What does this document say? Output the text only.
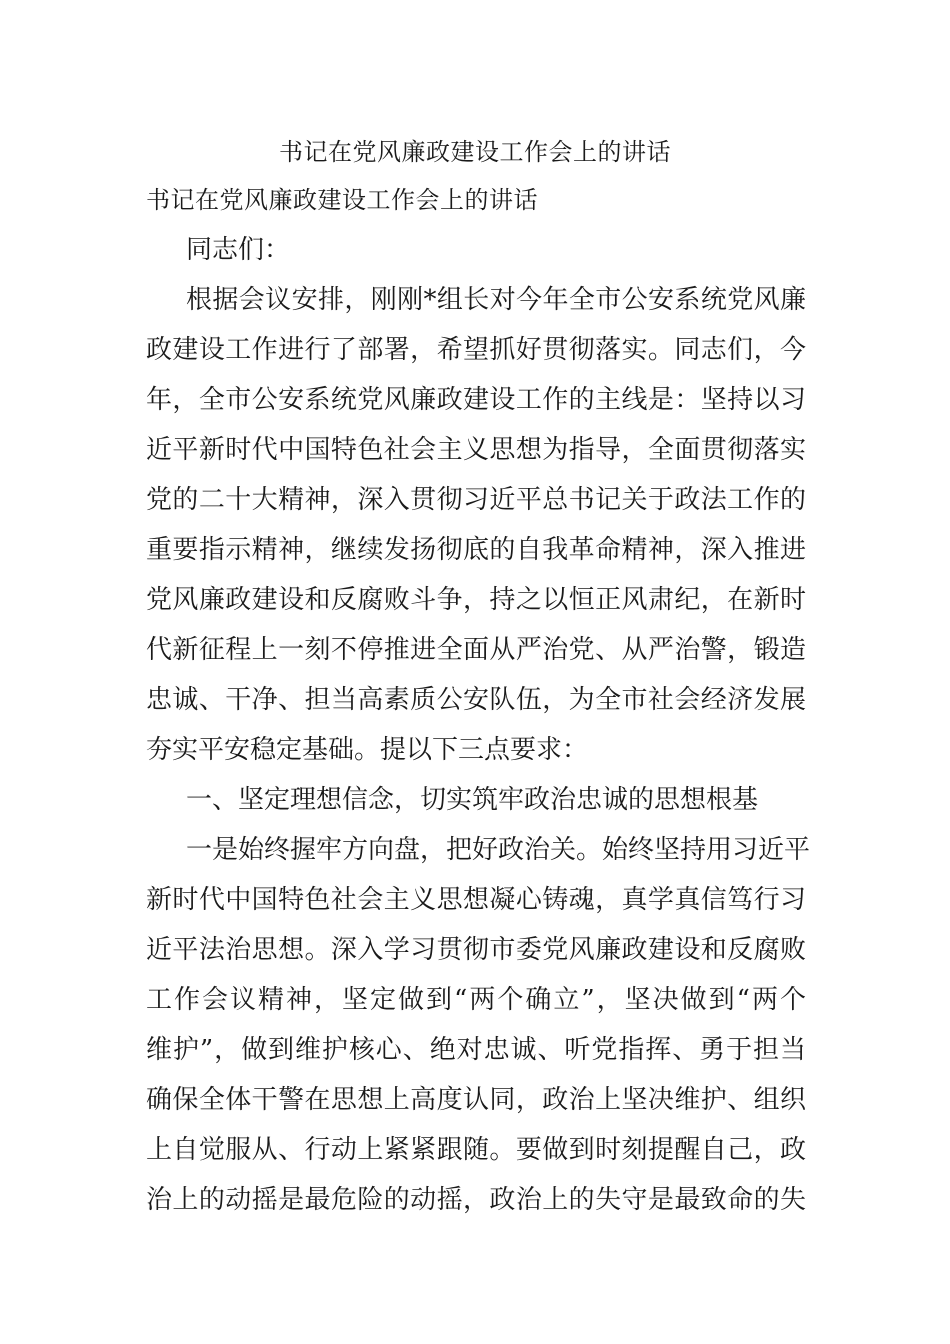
书记在党风廉政建设工作会上的讲话
书记在党风廉政建设工作会上的讲话
同志们：
根据会议安排，刚刚*组长对今年全市公安系统党风廉
政建设工作进行了部署，希望抓好贯彻落实。同志们，今
年，全市公安系统党风廉政建设工作的主线是：坚持以习
近平新时代中国特色社会主义思想为指导，全面贯彻落实
党的二十大精神，深入贯彻习近平总书记关于政法工作的
重要指示精神，继续发扬彻底的自我革命精神，深入推进
党风廉政建设和反腐败斗争，持之以恒正风肃纪，在新时
代新征程上一刻不停推进全面从严治党、从严治警，锻造
忠诚、干净、担当高素质公安队伍，为全市社会经济发展
夯实平安稳定基础。提以下三点要求：
一、坚定理想信念，切实筑牢政治忠诚的思想根基
一是始终握牢方向盘，把好政治关。始终坚持用习近平
新时代中国特色社会主义思想凝心铸魂，真学真信笃行习
近平法治思想。深入学习贯彻市委党风廉政建设和反腐败
工作会议精神，坚定做到“两个确立”，坚决做到“两个
维护”，做到维护核心、绝对忠诚、听党指挥、勇于担当
确保全体干警在思想上高度认同，政治上坚决维护、组织
上自觉服从、行动上紧紧跟随。要做到时刻提醒自己，政
治上的动摇是最危险的动摇，政治上的失守是最致命的失
